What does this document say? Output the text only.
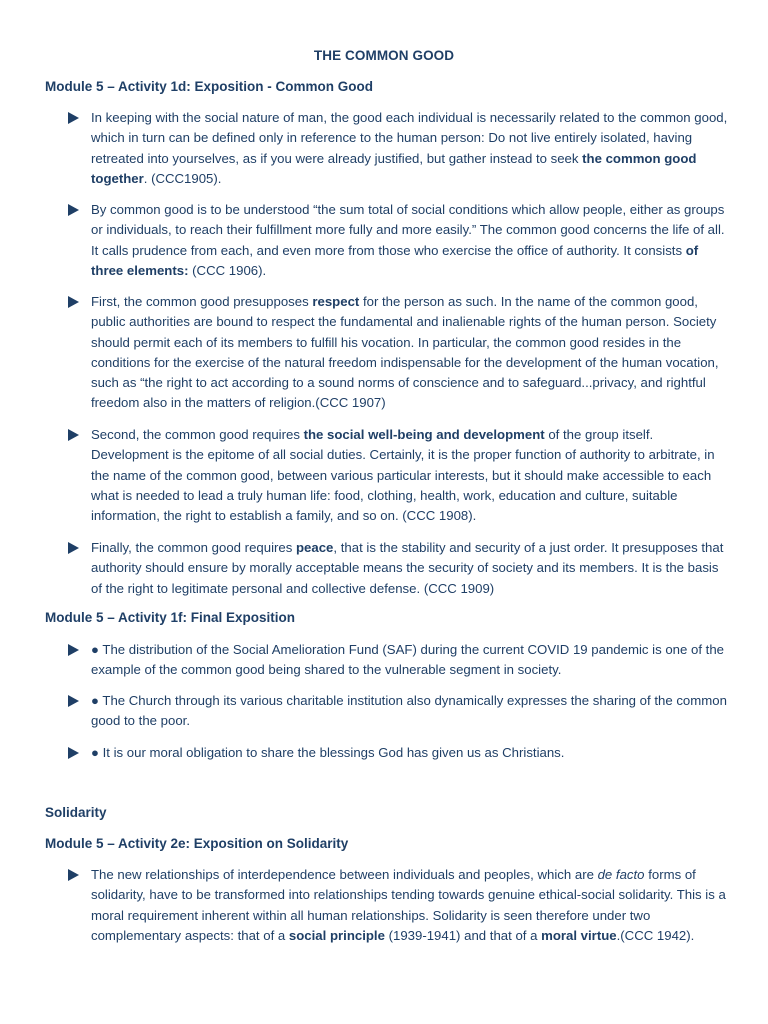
THE COMMON GOOD
Module 5 – Activity 1d: Exposition - Common Good
In keeping with the social nature of man, the good each individual is necessarily related to the common good, which in turn can be defined only in reference to the human person: Do not live entirely isolated, having retreated into yourselves, as if you were already justified, but gather instead to seek the common good together. (CCC1905).
By common good is to be understood “the sum total of social conditions which allow people, either as groups or individuals, to reach their fulfillment more fully and more easily.” The common good concerns the life of all. It calls prudence from each, and even more from those who exercise the office of authority. It consists of three elements: (CCC 1906).
First, the common good presupposes respect for the person as such. In the name of the common good, public authorities are bound to respect the fundamental and inalienable rights of the human person. Society should permit each of its members to fulfill his vocation. In particular, the common good resides in the conditions for the exercise of the natural freedom indispensable for the development of the human vocation, such as “the right to act according to a sound norms of conscience and to safeguard...privacy, and rightful freedom also in the matters of religion.(CCC 1907)
Second, the common good requires the social well-being and development of the group itself. Development is the epitome of all social duties. Certainly, it is the proper function of authority to arbitrate, in the name of the common good, between various particular interests, but it should make accessible to each what is needed to lead a truly human life: food, clothing, health, work, education and culture, suitable information, the right to establish a family, and so on. (CCC 1908).
Finally, the common good requires peace, that is the stability and security of a just order. It presupposes that authority should ensure by morally acceptable means the security of society and its members. It is the basis of the right to legitimate personal and collective defense. (CCC 1909)
Module 5 – Activity 1f: Final Exposition
● The distribution of the Social Amelioration Fund (SAF) during the current COVID 19 pandemic is one of the example of the common good being shared to the vulnerable segment in society.
● The Church through its various charitable institution also dynamically expresses the sharing of the common good to the poor.
● It is our moral obligation to share the blessings God has given us as Christians.
Solidarity
Module 5 – Activity 2e: Exposition on Solidarity
The new relationships of interdependence between individuals and peoples, which are de facto forms of solidarity, have to be transformed into relationships tending towards genuine ethical-social solidarity. This is a moral requirement inherent within all human relationships. Solidarity is seen therefore under two complementary aspects: that of a social principle (1939-1941) and that of a moral virtue.(CCC 1942).
